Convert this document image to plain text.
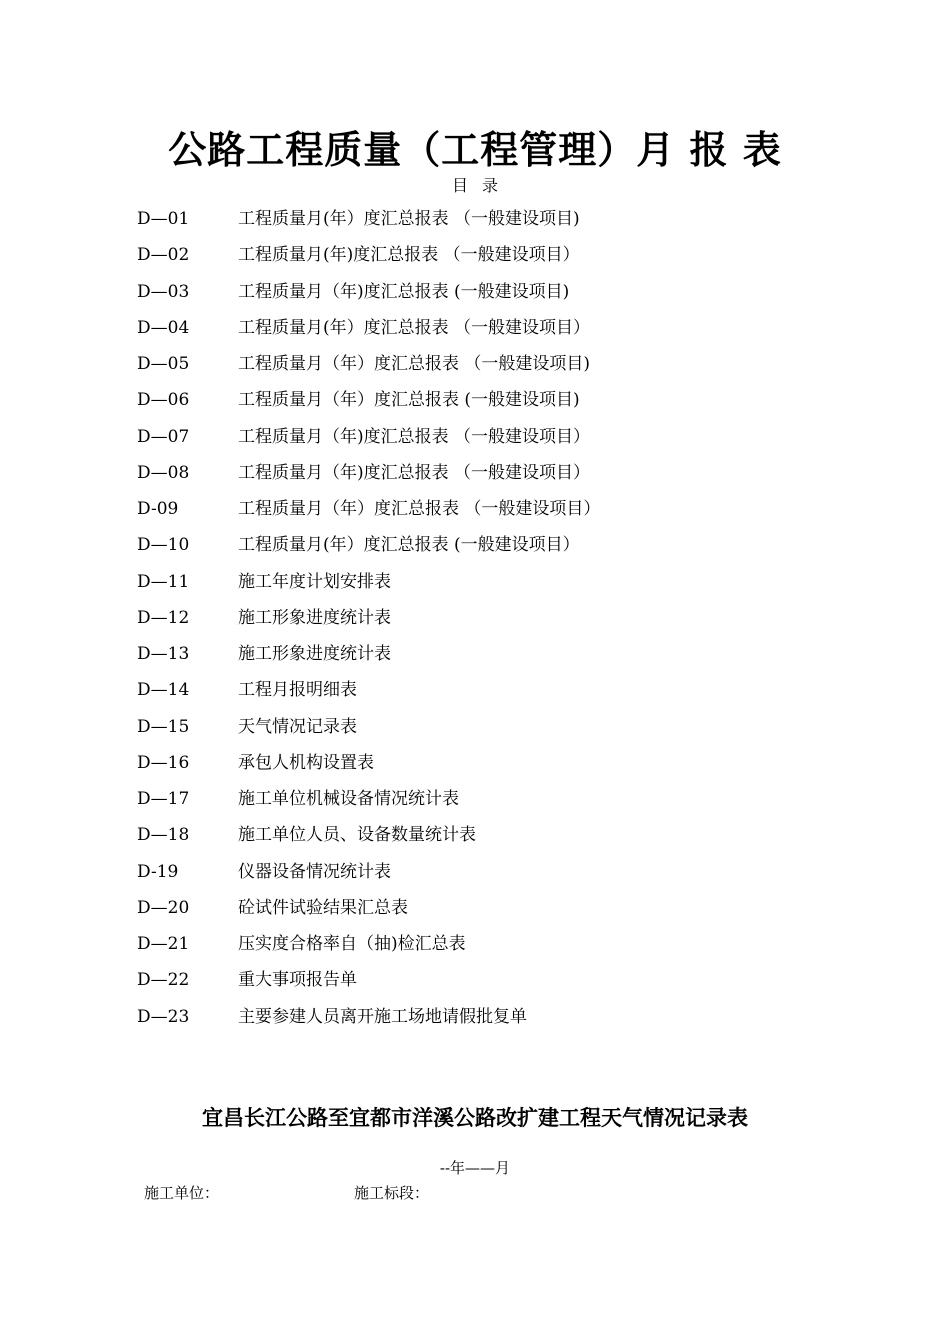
公路工程质量（工程管理）月 报 表
目录
D—01	工程质量月(年）度汇总报表 （一般建设项目)
D—02	工程质量月(年)度汇总报表 （一般建设项目）
D—03	工程质量月（年)度汇总报表 (一般建设项目)
D—04	工程质量月(年）度汇总报表 （一般建设项目）
D—05	工程质量月（年）度汇总报表 （一般建设项目)
D—06	工程质量月（年）度汇总报表 (一般建设项目)
D—07	工程质量月（年)度汇总报表 （一般建设项目）
D—08	工程质量月（年)度汇总报表 （一般建设项目）
D-09	工程质量月（年）度汇总报表 （一般建设项目）
D—10	工程质量月(年）度汇总报表 (一般建设项目）
D—11	施工年度计划安排表
D—12	施工形象进度统计表
D—13	施工形象进度统计表
D—14	工程月报明细表
D—15	天气情况记录表
D—16	承包人机构设置表
D—17	施工单位机械设备情况统计表
D—18	施工单位人员、设备数量统计表
D-19	仪器设备情况统计表
D—20	砼试件试验结果汇总表
D—21	压实度合格率自（抽)检汇总表
D—22	重大事项报告单
D—23	主要参建人员离开施工场地请假批复单
宜昌长江公路至宜都市洋溪公路改扩建工程天气情况记录表
--年——月
施工单位：	施工标段：
